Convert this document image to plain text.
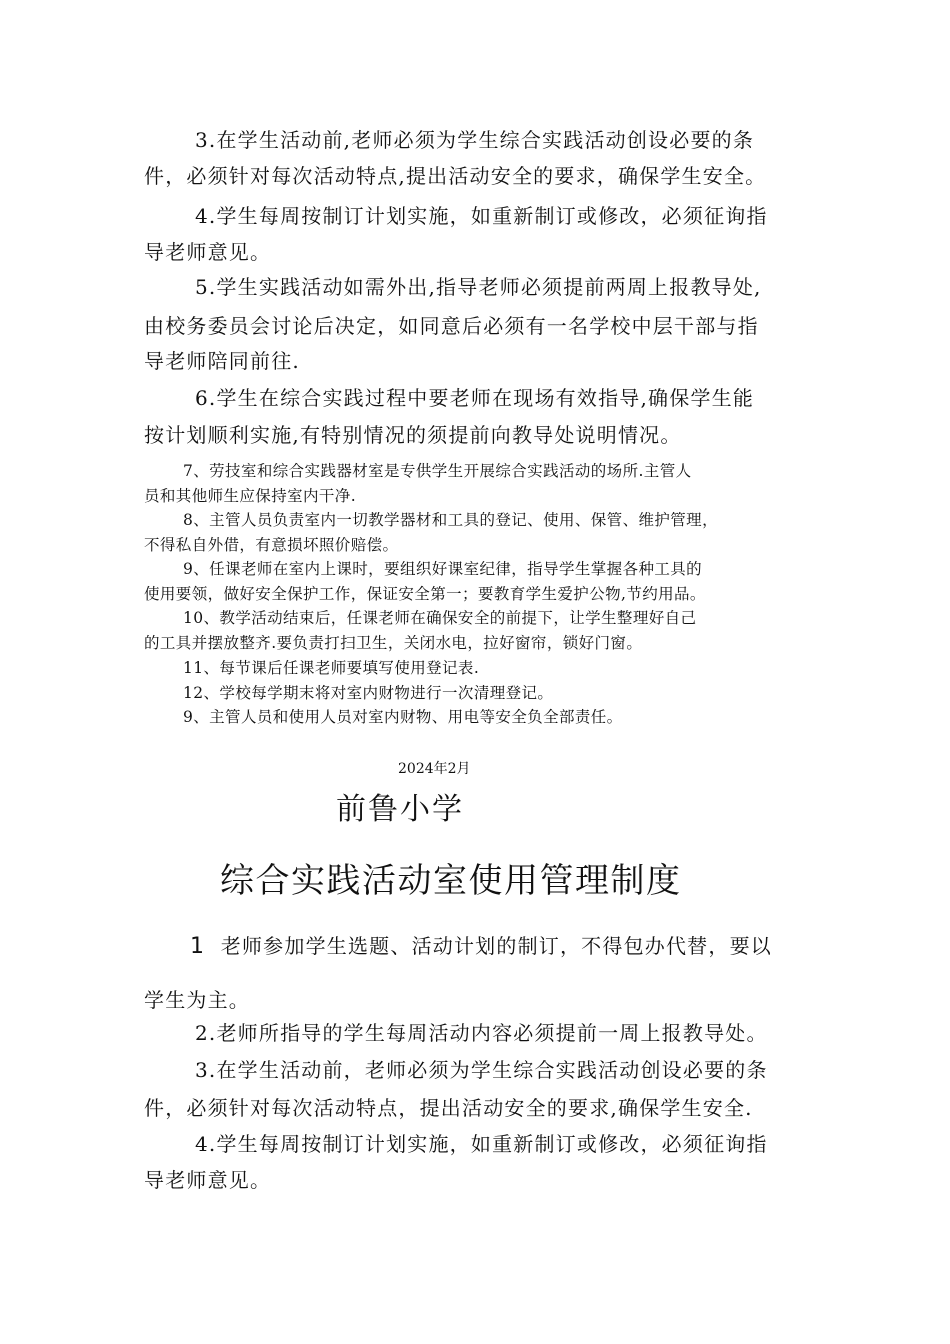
3.在学生活动前,老师必须为学生综合实践活动创设必要的条
件，必须针对每次活动特点,提出活动安全的要求，确保学生安全。
4.学生每周按制订计划实施，如重新制订或修改，必须征询指
导老师意见。
5.学生实践活动如需外出,指导老师必须提前两周上报教导处,
由校务委员会讨论后决定，如同意后必须有一名学校中层干部与指
导老师陪同前往.
6.学生在综合实践过程中要老师在现场有效指导,确保学生能
按计划顺利实施,有特别情况的须提前向教导处说明情况。
7、劳技室和综合实践器材室是专供学生开展综合实践活动的场所.主管人
员和其他师生应保持室内干净.
8、主管人员负责室内一切教学器材和工具的登记、使用、保管、维护管理，
不得私自外借，有意损坏照价赔偿。
9、任课老师在室内上课时，要组织好课室纪律，指导学生掌握各种工具的
使用要领，做好安全保护工作，保证安全第一；要教育学生爱护公物,节约用品。
10、教学活动结束后，任课老师在确保安全的前提下，让学生整理好自己
的工具并摆放整齐.要负责打扫卫生，关闭水电，拉好窗帘，锁好门窗。
11、每节课后任课老师要填写使用登记表.
12、学校每学期末将对室内财物进行一次清理登记。
9、主管人员和使用人员对室内财物、用电等安全负全部责任。
2024年2月
前鲁小学
综合实践活动室使用管理制度
1 老师参加学生选题、活动计划的制订，不得包办代替，要以
学生为主。
2.老师所指导的学生每周活动内容必须提前一周上报教导处。
3.在学生活动前，老师必须为学生综合实践活动创设必要的条
件，必须针对每次活动特点，提出活动安全的要求,确保学生安全.
4.学生每周按制订计划实施，如重新制订或修改，必须征询指
导老师意见。
